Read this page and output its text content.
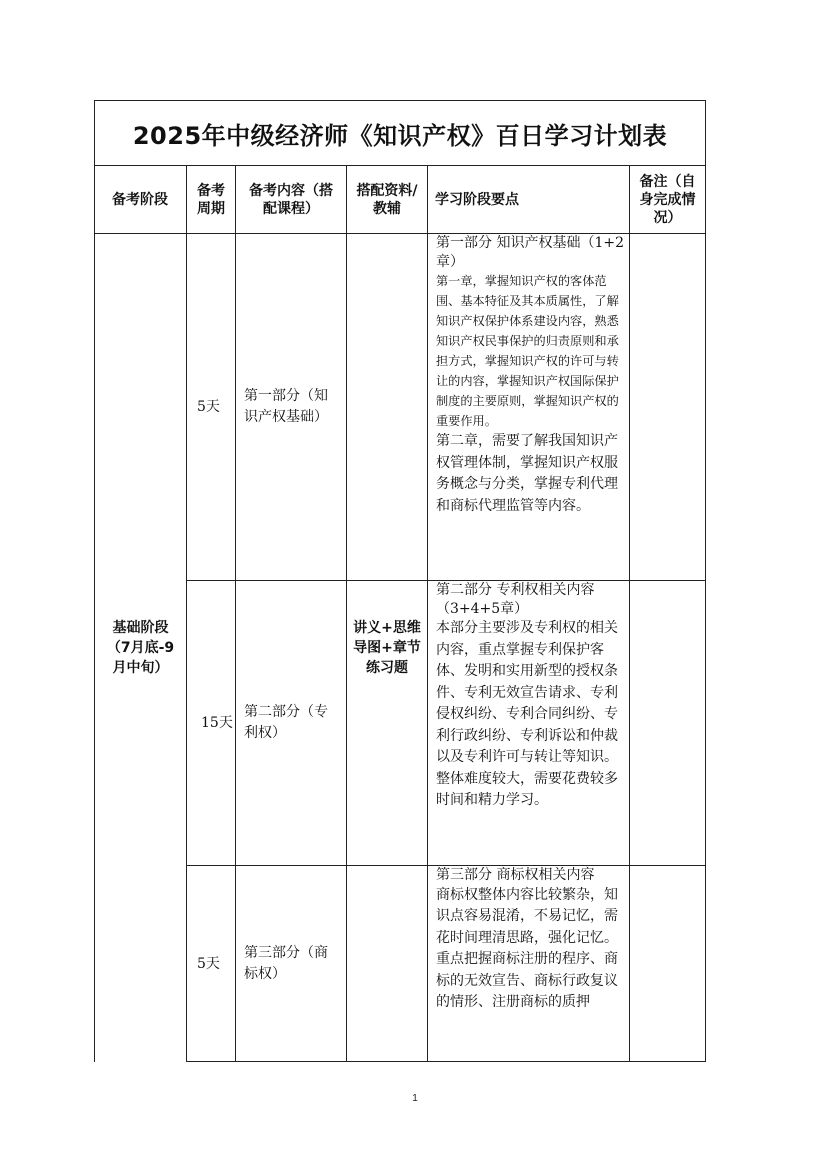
2025年中级经济师《知识产权》百日学习计划表
备考阶段
备考周期
备考内容（搭配课程）
搭配资料/教辅
学习阶段要点
备注（自身完成情况）
基础阶段（7月底-9月中旬）
讲义+思维导图+章节练习题
5天
第一部分（知识产权基础）
第一部分 知识产权基础（1+2章）
第一章，掌握知识产权的客体范围、基本特征及其本质属性，了解知识产权保护体系建设内容，熟悉知识产权民事保护的归责原则和承担方式，掌握知识产权的许可与转让的内容，掌握知识产权国际保护制度的主要原则，掌握知识产权的重要作用。
第二章，需要了解我国知识产权管理体制，掌握知识产权服务概念与分类，掌握专利代理和商标代理监管等内容。
15天
第二部分（专利权）
第二部分 专利权相关内容（3+4+5章）
本部分主要涉及专利权的相关内容，重点掌握专利保护客体、发明和实用新型的授权条件、专利无效宣告请求、专利侵权纠纷、专利合同纠纷、专利行政纠纷、专利诉讼和仲裁以及专利许可与转让等知识。整体难度较大，需要花费较多时间和精力学习。
5天
第三部分（商标权）
第三部分 商标权相关内容
商标权整体内容比较繁杂，知识点容易混淆，不易记忆，需花时间理清思路，强化记忆。重点把握商标注册的程序、商标的无效宣告、商标行政复议的情形、注册商标的质押
1
